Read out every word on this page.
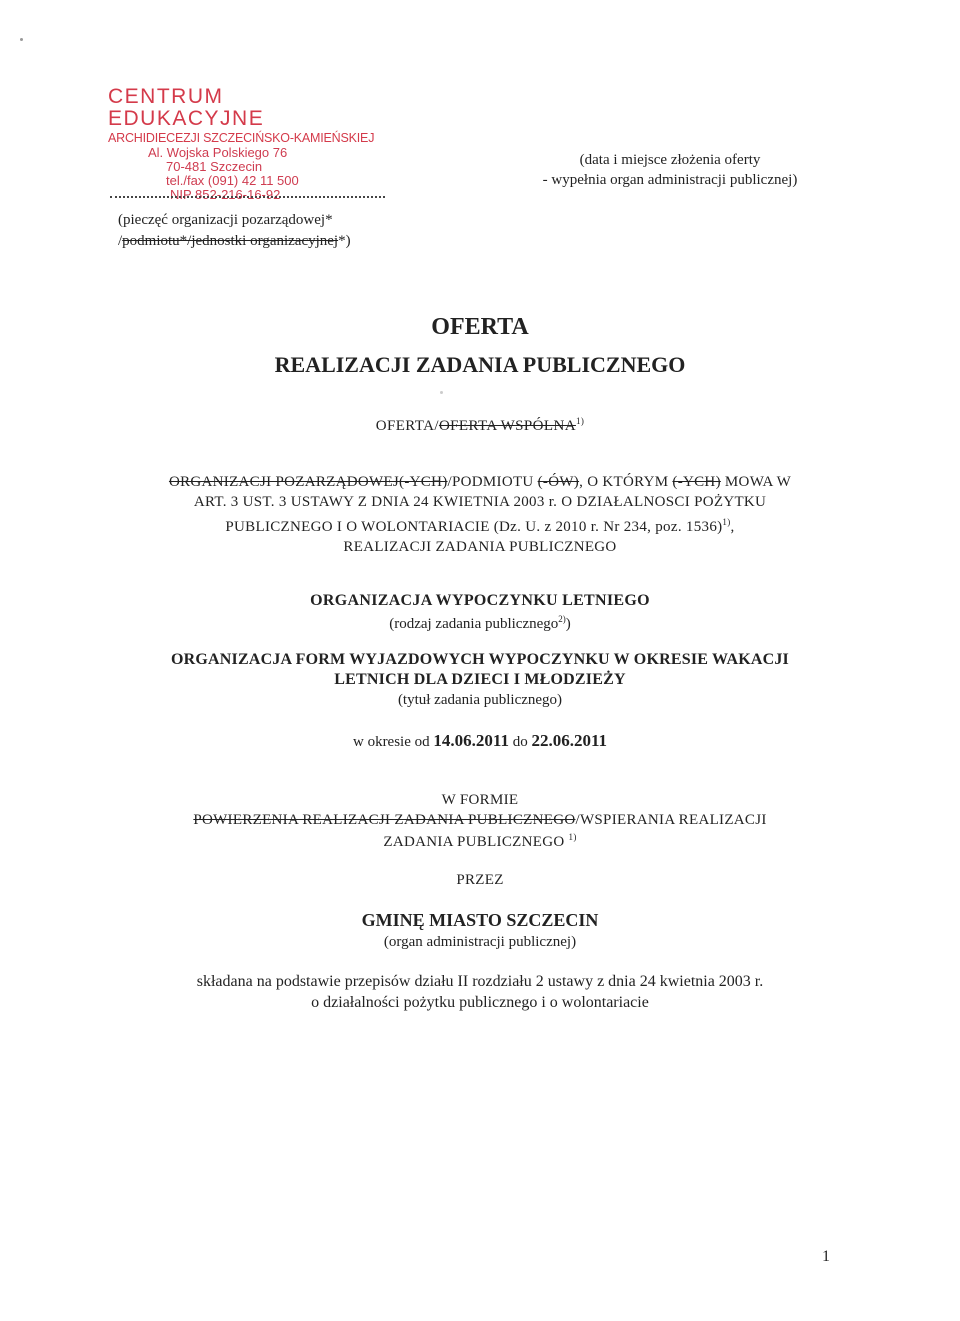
CENTRUM EDUKACYJNE
ARCHIDIECEZJI SZCZECIŃSKO-KAMIEŃSKIEJ
Al. Wojska Polskiego 76
70-481 Szczecin
tel./fax (091) 42 11 500
NIP 852-216-16-92
(pieczęć organizacji pozarządowej*
/podmiotu*/jednostki organizacyjnej*)
(data i miejsce złożenia oferty
- wypełnia organ administracji publicznej)
OFERTA
REALIZACJI ZADANIA PUBLICZNEGO
OFERTA/OFERTA WSPÓLNA$^{1)}$
ORGANIZACJI POZARZĄDOWEJ(-YCH)/PODMIOTU (-ÓW), O KTÓRYM (-YCH) MOWA W
ART. 3 UST. 3 USTAWY Z DNIA 24 KWIETNIA 2003 r. O DZIAŁALNOSCI POŻYTKU
PUBLICZNEGO I O WOLONTARIACIE (Dz. U. z 2010 r. Nr 234, poz. 1536)$^{1)}$,
REALIZACJI ZADANIA PUBLICZNEGO
ORGANIZACJA WYPOCZYNKU LETNIEGO
(rodzaj zadania publicznego$^{2)}$)
ORGANIZACJA FORM WYJAZDOWYCH WYPOCZYNKU W OKRESIE WAKACJI
LETNICH DLA DZIECI I MŁODZIEŻY
(tytuł zadania publicznego)
w okresie od 14.06.2011 do 22.06.2011
W FORMIE
POWIERZENIA REALIZACJI ZADANIA PUBLICZNEGO/WSPIERANIA REALIZACJI
ZADANIA PUBLICZNEGO $^{1)}$
PRZEZ
GMINĘ MIASTO SZCZECIN
(organ administracji publicznej)
składana na podstawie przepisów działu II rozdziału 2 ustawy z dnia 24 kwietnia 2003 r.
o działalności pożytku publicznego i o wolontariacie
1
